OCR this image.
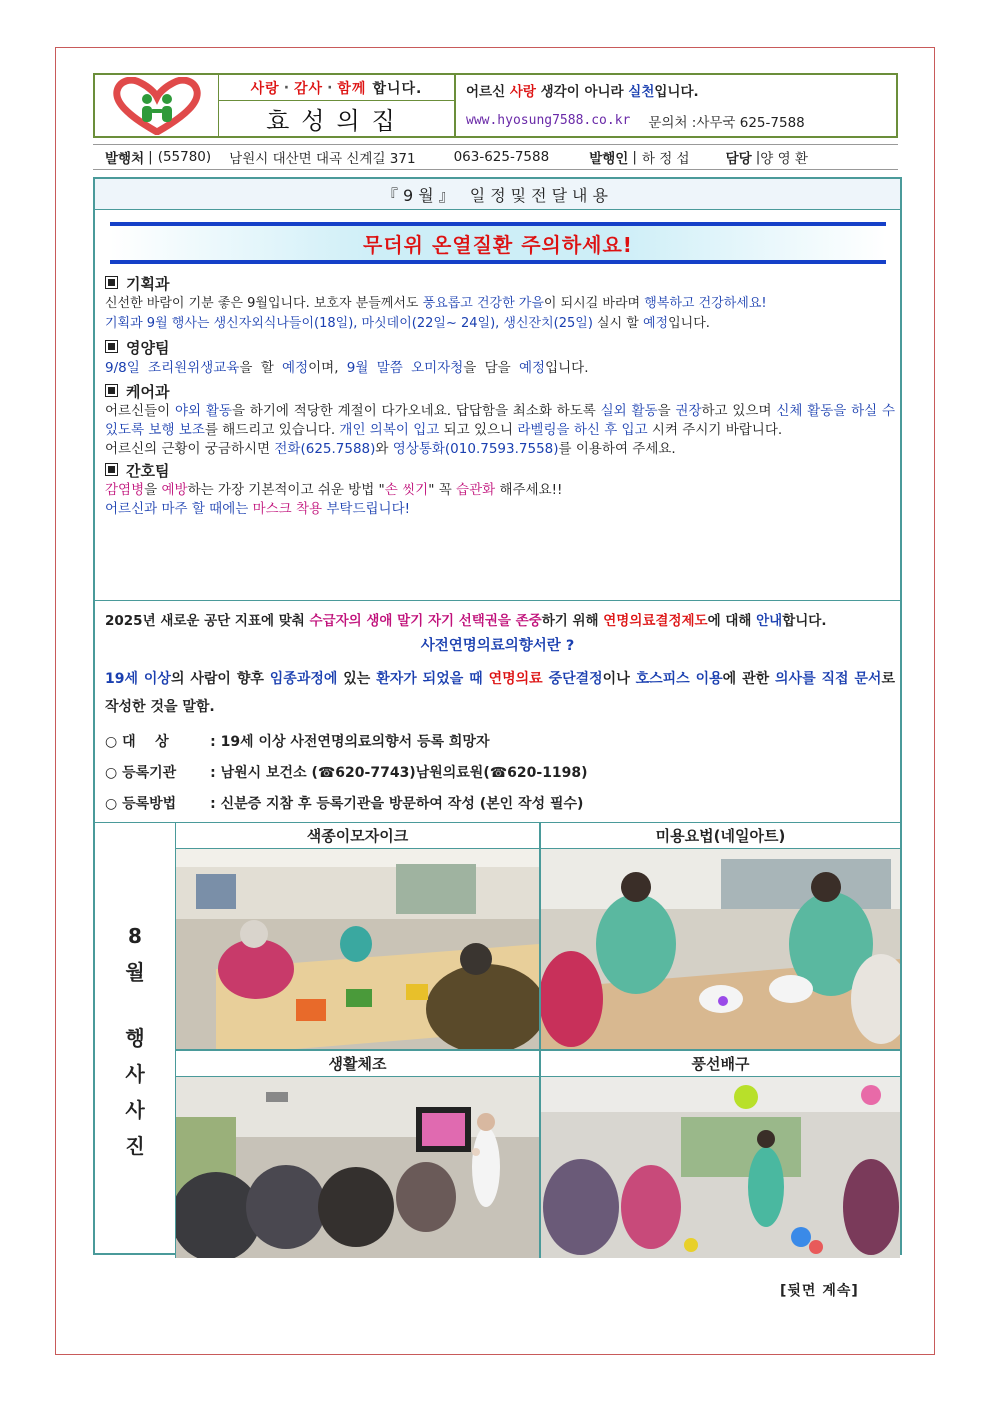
사랑 · 감사 · 함께 합니다.
효성의집
어르신 사랑 생각이 아니라 실천 입니다.
www.hyosung7588.co.kr 문의처 :사무국 625-7588
발행처 | (55780) 남원시 대산면 대곡 신계길 371	063-625-7588	발행인 | 하 정 섭	담당 | 양 영 환
『9월』 일정및전달내용
무더위 온열질환 주의하세요!
기획과
신선한 바람이 기분 좋은 9월입니다. 보호자 분들께서도 풍요롭고 건강한 가을이 되시길 바라며 행복하고 건강하세요!
기획과 9월 행사는 생신자외식나들이(18일), 마싯데이(22일~ 24일), 생신잔치(25일) 실시 할 예정입니다.
영양팀
9/8일 조리원위생교육을 할 예정이며, 9월 말쯤 오미자청을 담을 예정입니다.
케어과
어르신들이 야외 활동을 하기에 적당한 계절이 다가오네요. 답답함을 최소화 하도록 실외 활동을 권장하고 있으며 신체 활동을 하실 수 있도록 보행 보조를 해드리고 있습니다. 개인 의복이 입고 되고 있으니 라벨링을 하신 후 입고 시켜 주시기 바랍니다.
어르신의 근황이 궁금하시면 전화(625.7588)와 영상통화(010.7593.7558)를 이용하여 주세요.
간호팀
감염병을 예방하는 가장 기본적이고 쉬운 방법 "손 씻기" 꼭 습관화 해주세요!!
어르신과 마주 할 때에는 마스크 착용 부탁드립니다!
2025년 새로운 공단 지표에 맞춰 수급자의 생애 말기 자기 선택권을 존중하기 위해 연명의료결정제도에 대해 안내합니다.
사전연명의료의향서란 ?
19세 이상의 사람이 향후 임종과정에 있는 환자가 되었을 때 연명의료 중단결정이나 호스피스 이용에 관한 의사를 직접 문서로 작성한 것을 말함.
○ 대    상	: 19세 이상 사전연명의료의향서 등록 희망자
○ 등록기관 : 남원시 보건소 (☎620-7743)남원의료원(☎620-1198)
○ 등록방법 : 신분증 지참 후 등록기관을 방문하여 작성 (본인 작성 필수)
8
월
행
사
사
진
색종이모자이크	미용요법(네일아트)
생활체조	풍선배구
[뒷면 계속]
